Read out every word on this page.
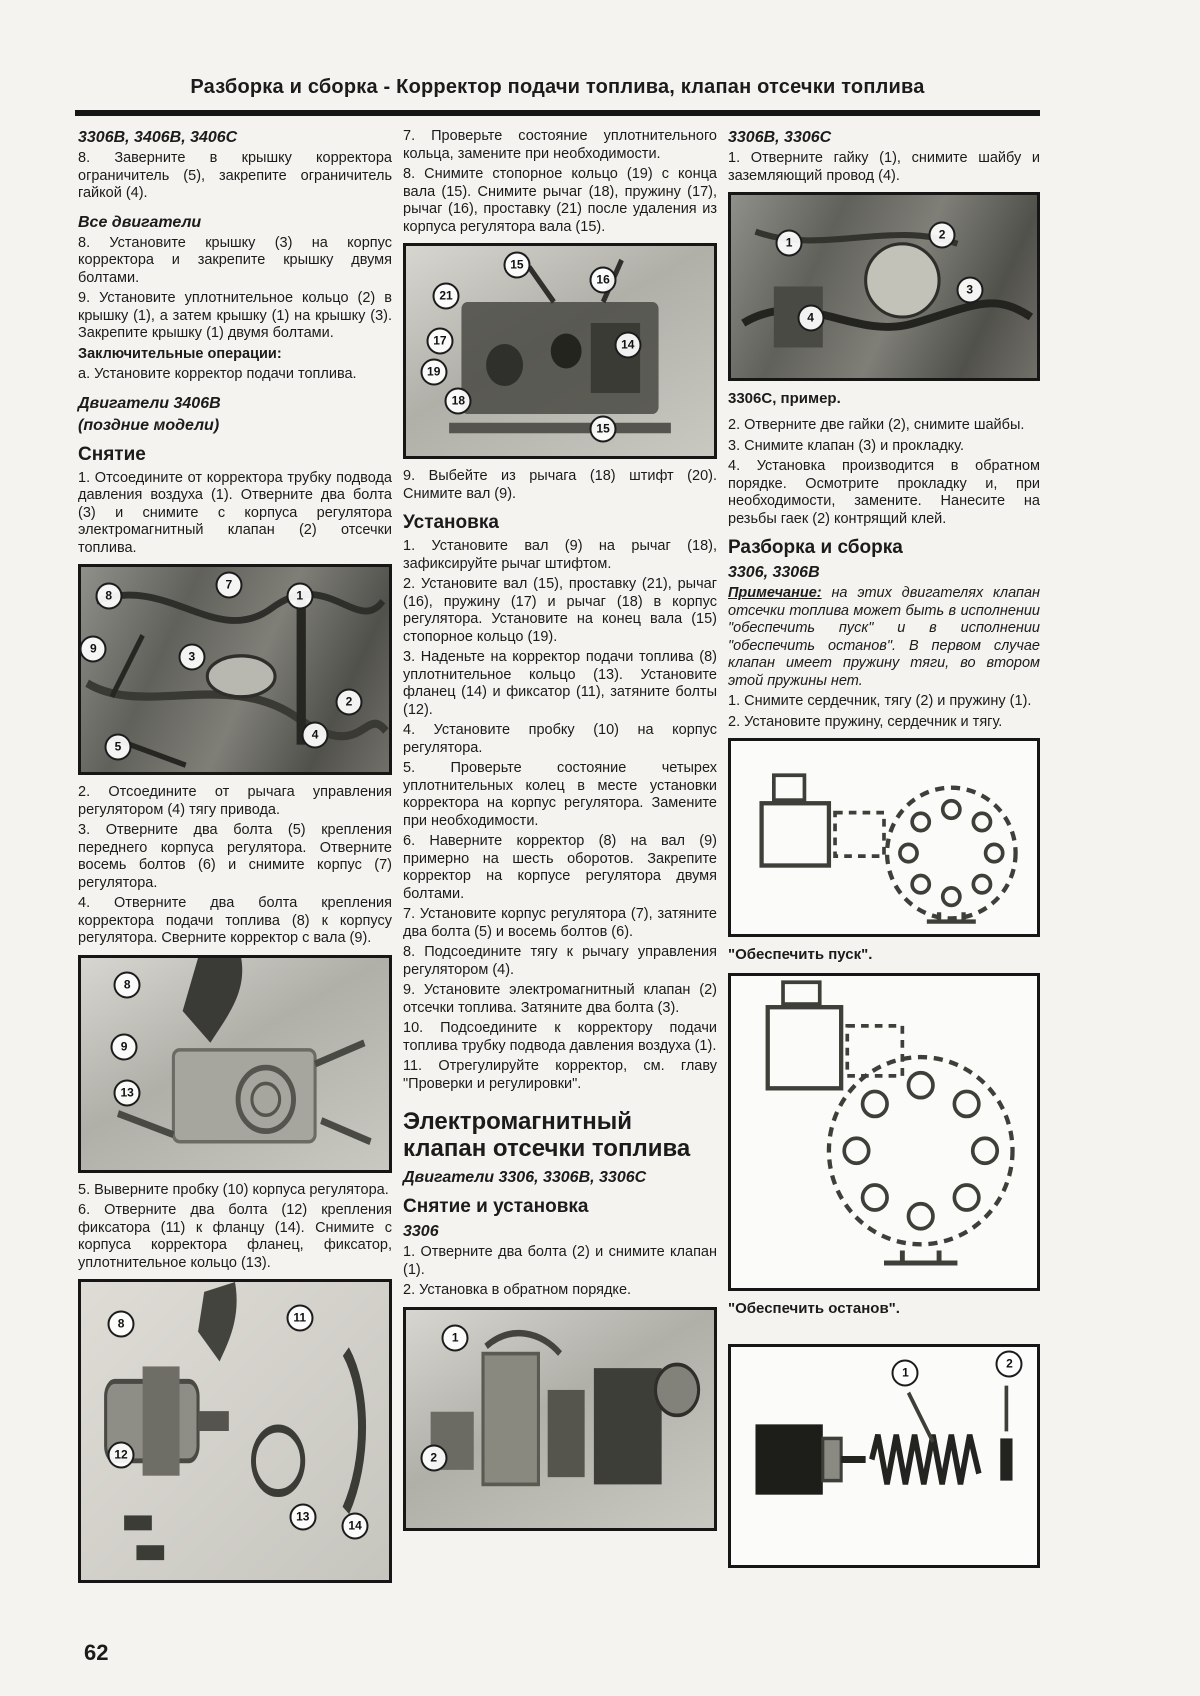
Разборка и сборка - Корректор подачи топлива, клапан отсечки топлива
3306B, 3406B, 3406C

8. Заверните в крышку корректора ограничитель (5), закрепите ограничитель гайкой (4).

Все двигатели

8. Установите крышку (3) на корпус корректора и закрепите крышку двумя болтами.

9. Установите уплотнительное кольцо (2) в крышку (1), а затем крышку (1) на крышку (3). Закрепите крышку (1) двумя болтами.

Заключительные операции:

а. Установите корректор подачи топлива.

Двигатели 3406B
(поздние модели)
Снятие

1. Отсоедините от корректора трубку подвода давления воздуха (1). Отверните два болта (3) и снимите с корпуса регулятора электромагнитный клапан (2) отсечки топлива.

8
7
1
9
3
2
4
5

2. Отсоедините от рычага управления регулятором (4) тягу привода.

3. Отверните два болта (5) крепления переднего корпуса регулятора. Отверните восемь болтов (6) и снимите корпус (7) регулятора.

4. Отверните два болта крепления корректора подачи топлива (8) к корпусу регулятора. Сверните корректор с вала (9).

8
9
13

5. Выверните пробку (10) корпуса регулятора.

6. Отверните два болта (12) крепления фиксатора (11) к фланцу (14). Снимите с корпуса корректора фланец, фиксатор, уплотнительное кольцо (13).

8	11
12
13
14

7. Проверьте состояние уплотнительного кольца, замените при необходимости.

8. Снимите стопорное кольцо (19) с конца вала (15). Снимите рычаг (18), пружину (17), рычаг (16), проставку (21) после удаления из корпуса регулятора вала (15).

15
16
21
17
19
18
14
15

9. Выбейте из рычага (18) штифт (20). Снимите вал (9).

Установка

1. Установите вал (9) на рычаг (18), зафиксируйте рычаг штифтом.

2. Установите вал (15), проставку (21), рычаг (16), пружину (17) и рычаг (18) в корпус регулятора. Установите на конец вала (15) стопорное кольцо (19).

3. Наденьте на корректор подачи топлива (8) уплотнительное кольцо (13). Установите фланец (14) и фиксатор (11), затяните болты (12).

4. Установите пробку (10) на корпус регулятора.

5. Проверьте состояние четырех уплотнительных колец в месте установки корректора на корпус регулятора. Замените при необходимости.

6. Наверните корректор (8) на вал (9) примерно на шесть оборотов. Закрепите корректор на корпусе регулятора двумя болтами.

7. Установите корпус регулятора (7), затяните два болта (5) и восемь болтов (6).

8. Подсоедините тягу к рычагу управления регулятором (4).

9. Установите электромагнитный клапан (2) отсечки топлива. Затяните два болта (3).

10. Подсоедините к корректору подачи топлива трубку подвода давления воздуха (1).

11. Отрегулируйте корректор, см. главу "Проверки и регулировки".

Электромагнитный клапан отсечки топлива
Двигатели 3306, 3306B, 3306C
Снятие и установка
3306

1. Отверните два болта (2) и снимите клапан (1).

2. Установка в обратном порядке.

1
2
3306B, 3306C

1. Отверните гайку (1), снимите шайбу и заземляющий провод (4).

1
2
3
4
3306C, пример.

2. Отверните две гайки (2), снимите шайбы.

3. Снимите клапан (3) и прокладку.

4. Установка производится в обратном порядке. Осмотрите прокладку и, при необходимости, замените. Нанесите на резьбы гаек (2) контрящий клей.

Разборка и сборка
3306, 3306B

Примечание: на этих двигателях клапан отсечки топлива может быть в исполнении "обеспечить пуск" и в исполнении "обеспечить останов". В первом случае клапан имеет пружину тяги, во втором этой пружины нет.

1. Снимите сердечник, тягу (2) и пружину (1).

2. Установите пружину, сердечник и тягу.

"Обеспечить пуск".
"Обеспечить останов".
1
2
62
